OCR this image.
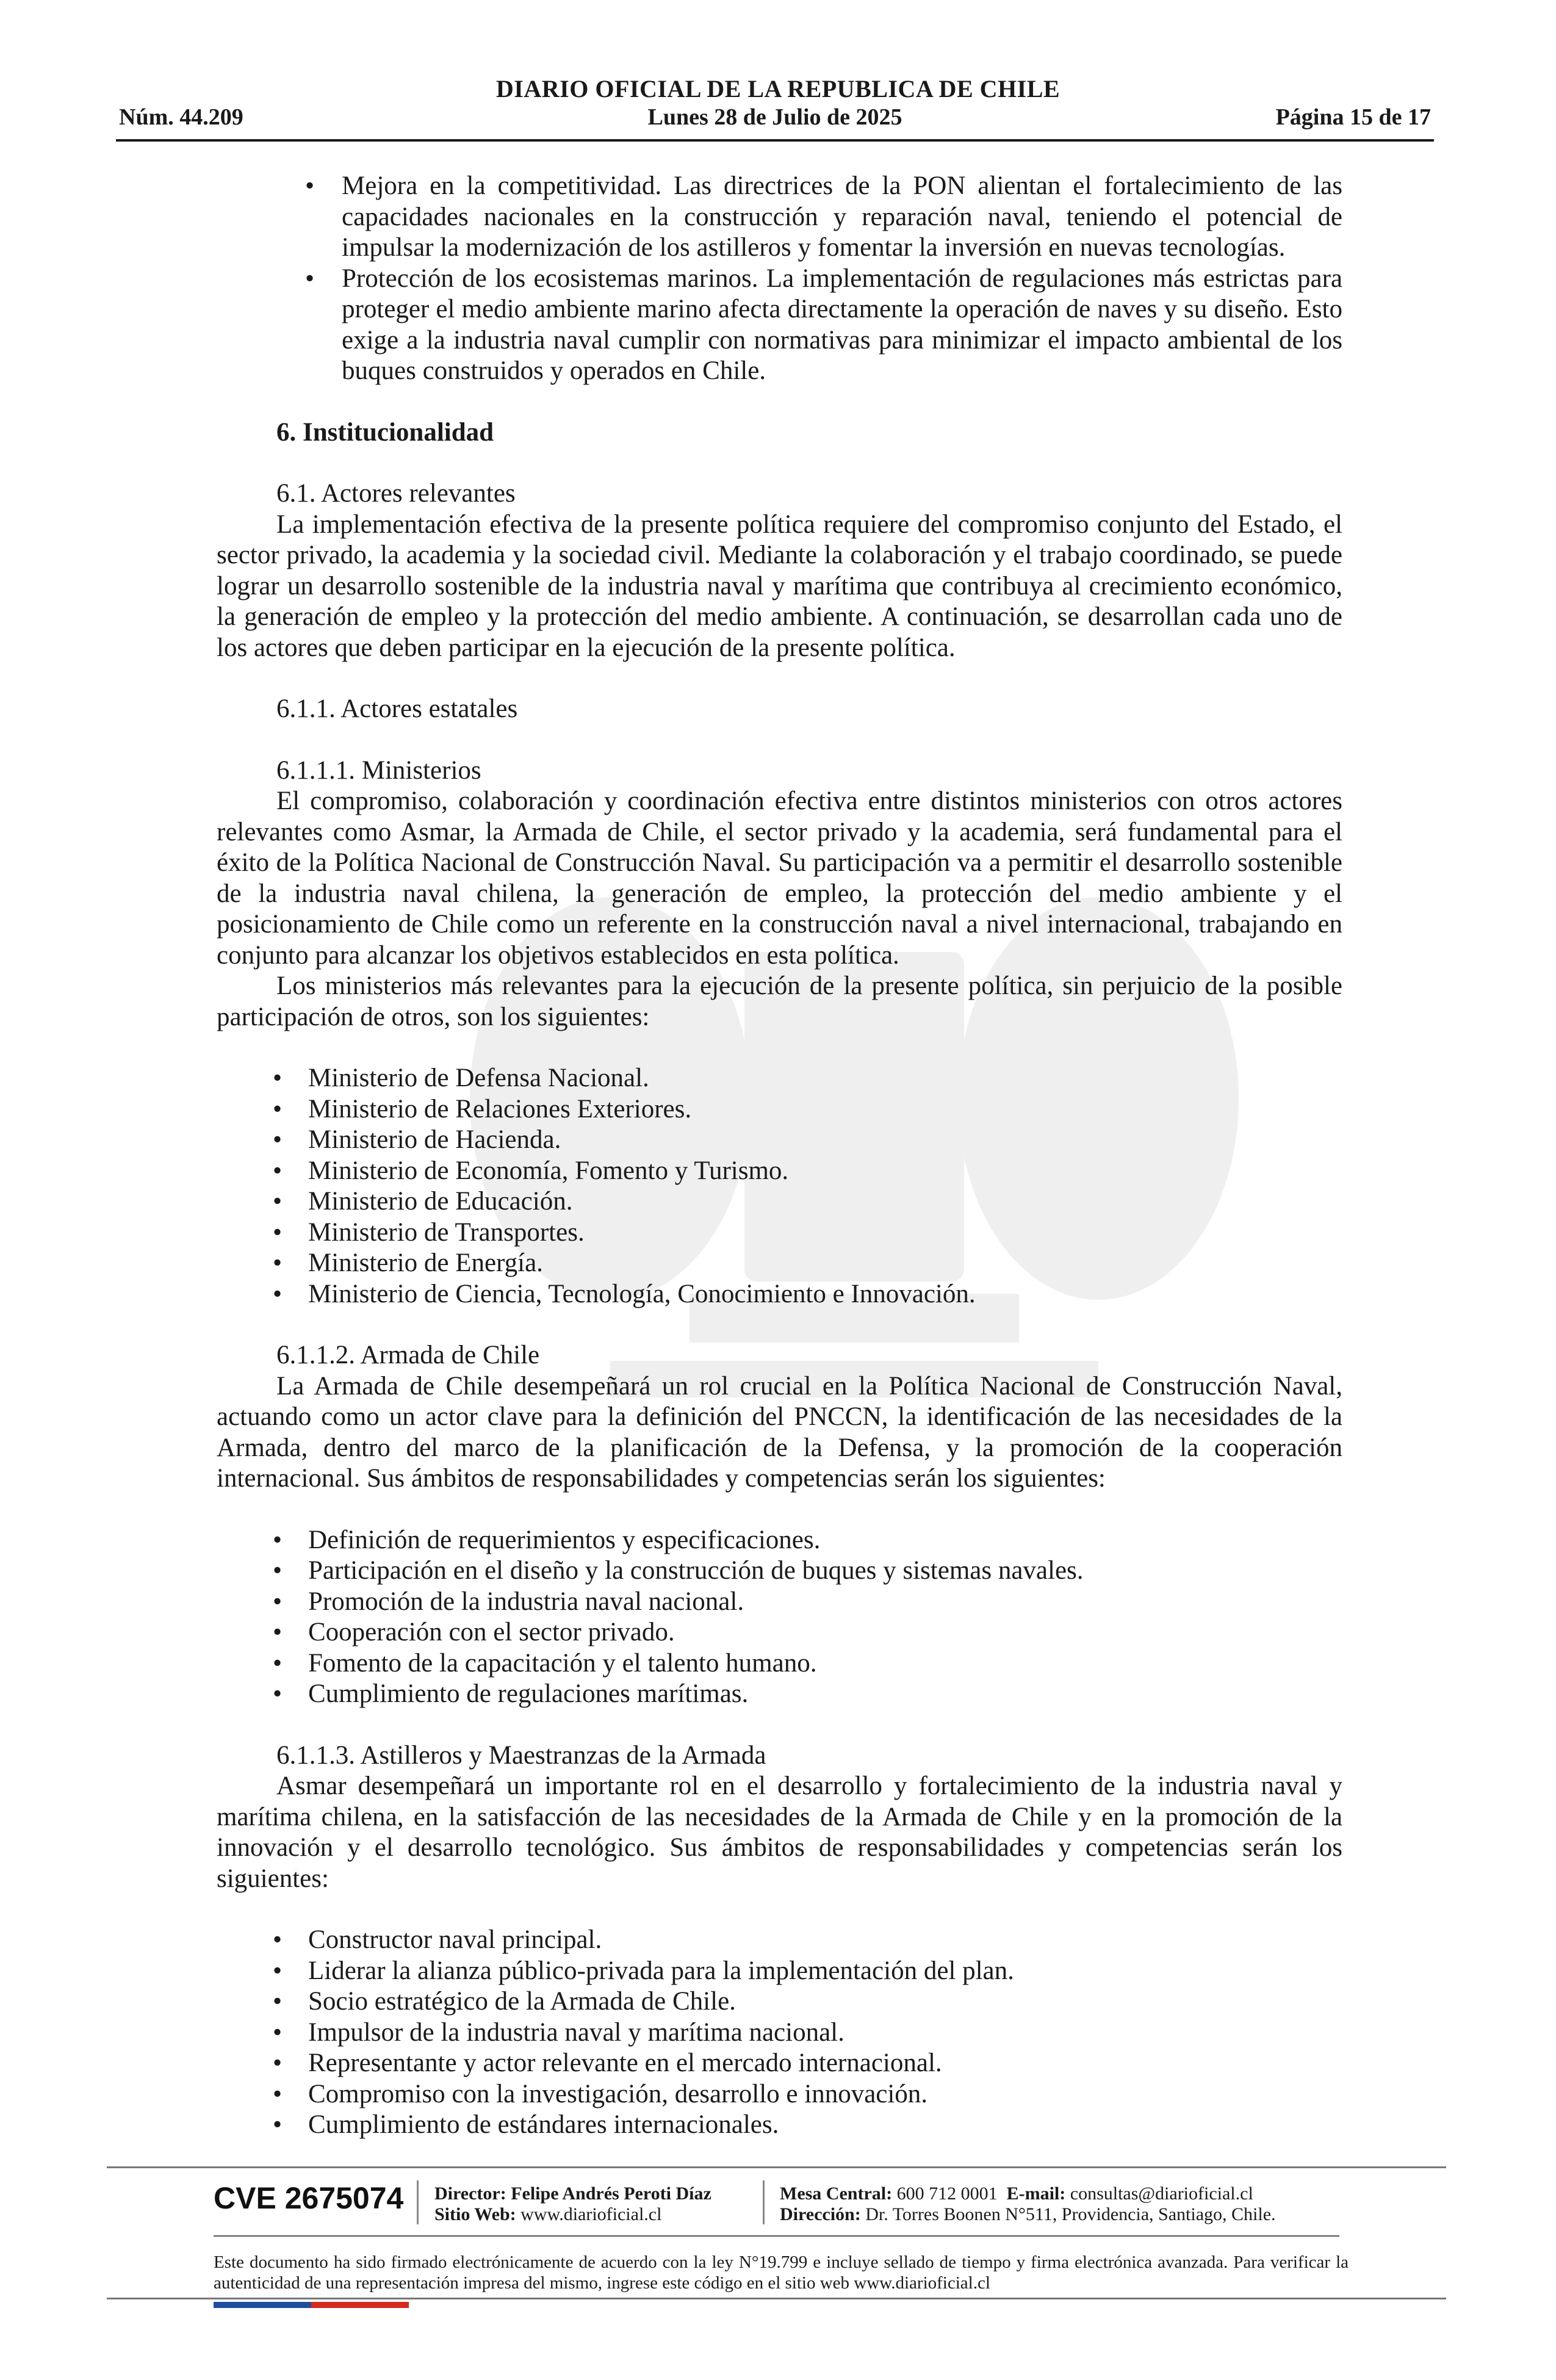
DIARIO OFICIAL DE LA REPUBLICA DE CHILE
Núm. 44.209	Lunes 28 de Julio de 2025	Página 15 de 17
• Mejora en la competitividad. Las directrices de la PON alientan el fortalecimiento de las capacidades nacionales en la construcción y reparación naval, teniendo el potencial de impulsar la modernización de los astilleros y fomentar la inversión en nuevas tecnologías.
• Protección de los ecosistemas marinos. La implementación de regulaciones más estrictas para proteger el medio ambiente marino afecta directamente la operación de naves y su diseño. Esto exige a la industria naval cumplir con normativas para minimizar el impacto ambiental de los buques construidos y operados en Chile.

6. Institucionalidad

6.1. Actores relevantes

La implementación efectiva de la presente política requiere del compromiso conjunto del Estado, el sector privado, la academia y la sociedad civil. Mediante la colaboración y el trabajo coordinado, se puede lograr un desarrollo sostenible de la industria naval y marítima que contribuya al crecimiento económico, la generación de empleo y la protección del medio ambiente. A continuación, se desarrollan cada uno de los actores que deben participar en la ejecución de la presente política.

6.1.1. Actores estatales

6.1.1.1. Ministerios

El compromiso, colaboración y coordinación efectiva entre distintos ministerios con otros actores relevantes como Asmar, la Armada de Chile, el sector privado y la academia, será fundamental para el éxito de la Política Nacional de Construcción Naval. Su participación va a permitir el desarrollo sostenible de la industria naval chilena, la generación de empleo, la protección del medio ambiente y el posicionamiento de Chile como un referente en la construcción naval a nivel internacional, trabajando en conjunto para alcanzar los objetivos establecidos en esta política.

Los ministerios más relevantes para la ejecución de la presente política, sin perjuicio de la posible participación de otros, son los siguientes:

• Ministerio de Defensa Nacional.
• Ministerio de Relaciones Exteriores.
• Ministerio de Hacienda.
• Ministerio de Economía, Fomento y Turismo.
• Ministerio de Educación.
• Ministerio de Transportes.
• Ministerio de Energía.
• Ministerio de Ciencia, Tecnología, Conocimiento e Innovación.

6.1.1.2. Armada de Chile

La Armada de Chile desempeñará un rol crucial en la Política Nacional de Construcción Naval, actuando como un actor clave para la definición del PNCCN, la identificación de las necesidades de la Armada, dentro del marco de la planificación de la Defensa, y la promoción de la cooperación internacional. Sus ámbitos de responsabilidades y competencias serán los siguientes:

• Definición de requerimientos y especificaciones.
• Participación en el diseño y la construcción de buques y sistemas navales.
• Promoción de la industria naval nacional.
• Cooperación con el sector privado.
• Fomento de la capacitación y el talento humano.
• Cumplimiento de regulaciones marítimas.

6.1.1.3. Astilleros y Maestranzas de la Armada

Asmar desempeñará un importante rol en el desarrollo y fortalecimiento de la industria naval y marítima chilena, en la satisfacción de las necesidades de la Armada de Chile y en la promoción de la innovación y el desarrollo tecnológico. Sus ámbitos de responsabilidades y competencias serán los siguientes:

• Constructor naval principal.
• Liderar la alianza público-privada para la implementación del plan.
• Socio estratégico de la Armada de Chile.
• Impulsor de la industria naval y marítima nacional.
• Representante y actor relevante en el mercado internacional.
• Compromiso con la investigación, desarrollo e innovación.
• Cumplimiento de estándares internacionales.
CVE 2675074 Director: Felipe Andrés Peroti Díaz
Sitio Web: www.diarioficial.cl
Mesa Central: 600 712 0001 E-mail: consultas@diarioficial.cl
Dirección: Dr. Torres Boonen N°511, Providencia, Santiago, Chile.
Este documento ha sido firmado electrónicamente de acuerdo con la ley N°19.799 e incluye sellado de tiempo y firma electrónica avanzada. Para verificar la autenticidad de una representación impresa del mismo, ingrese este código en el sitio web www.diarioficial.cl
